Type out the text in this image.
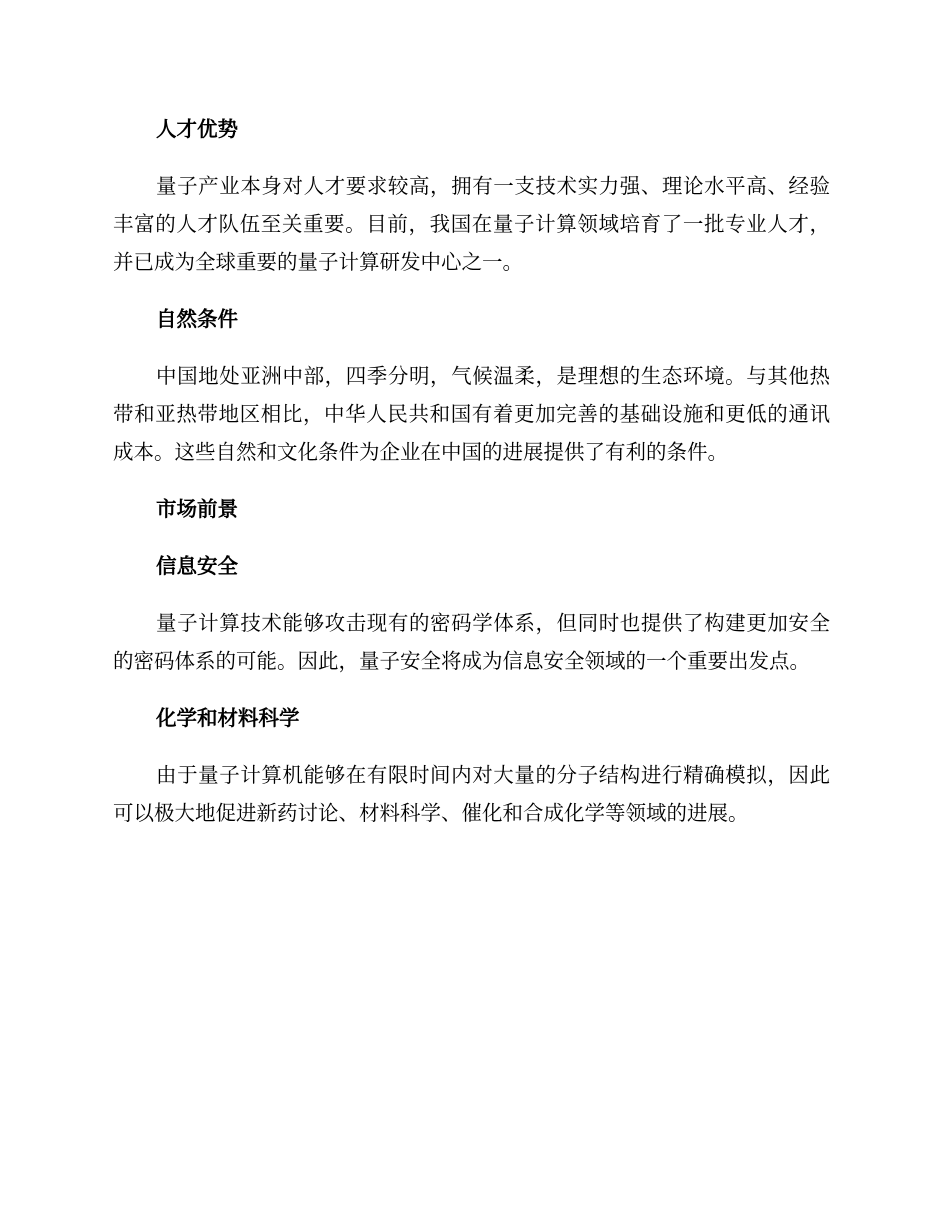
人才优势

量子产业本身对人才要求较高，拥有一支技术实力强、理论水平高、经验丰富的人才队伍至关重要。目前，我国在量子计算领域培育了一批专业人才，并已成为全球重要的量子计算研发中心之一。

自然条件

中国地处亚洲中部，四季分明，气候温柔，是理想的生态环境。与其他热带和亚热带地区相比，中华人民共和国有着更加完善的基础设施和更低的通讯成本。这些自然和文化条件为企业在中国的进展提供了有利的条件。

市场前景
信息安全

量子计算技术能够攻击现有的密码学体系，但同时也提供了构建更加安全的密码体系的可能。因此，量子安全将成为信息安全领域的一个重要出发点。

化学和材料科学

由于量子计算机能够在有限时间内对大量的分子结构进行精确模拟，因此可以极大地促进新药讨论、材料科学、催化和合成化学等领域的进展。
